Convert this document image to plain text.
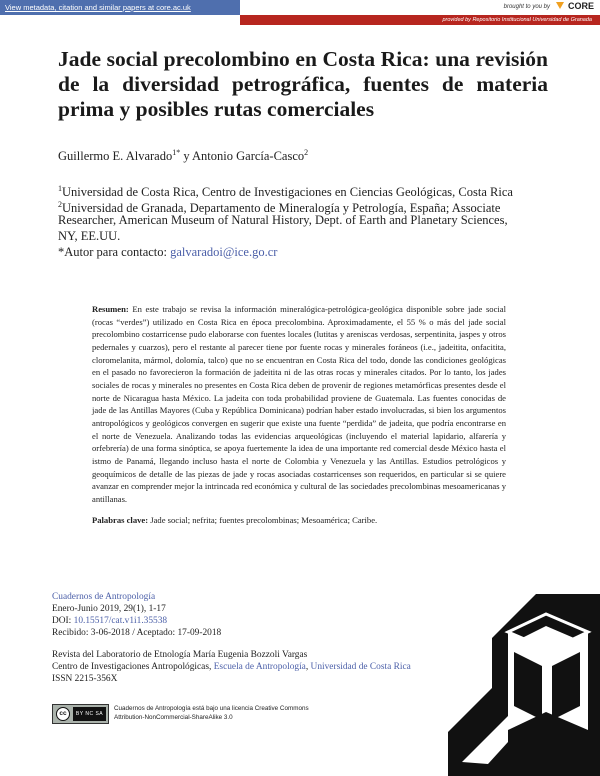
View metadata, citation and similar papers at core.ac.uk	brought to you by	CORE
provided by Repositorio Institucional Universidad de Granada
Jade social precolombino en Costa Rica: una revisión de la diversidad petrográfica, fuentes de materia prima y posibles rutas comerciales
Guillermo E. Alvarado$^{1*}$ y Antonio García-Casco$^2$
$^1$Universidad de Costa Rica, Centro de Investigaciones en Ciencias Geológicas, Costa Rica
$^2$Universidad de Granada, Departamento de Mineralogía y Petrología, España; Associate
Researcher, American Museum of Natural History, Dept. of Earth and Planetary Sciences,
NY, EE.UU.
*Autor para contacto: galvaradoi@ice.go.cr
Resumen: En este trabajo se revisa la información mineralógica-petrológica-geológica disponible sobre jade social (rocas “verdes”) utilizado en Costa Rica en época precolombina. Aproximadamente, el 55 % o más del jade social precolombino costarricense pudo elaborarse con fuentes locales (lutitas y areniscas verdosas, serpentinita, jaspes y otros pedernales y cuarzos), pero el restante al parecer tiene por fuente rocas y minerales foráneos (i.e., jadeitita, onfacitita, cloromelanita, mármol, dolomía, talco) que no se encuentran en Costa Rica del todo, donde las condiciones geológicas en el pasado no favorecieron la formación de jadeitita ni de las otras rocas y minerales citados. Por lo tanto, los jades sociales de rocas y minerales no presentes en Costa Rica deben de provenir de regiones metamórficas presentes desde el norte de Nicaragua hasta México. La jadeita con toda probabilidad proviene de Guatemala. Las fuentes conocidas de jade de las Antillas Mayores (Cuba y República Dominicana) podrían haber estado involucradas, si bien los argumentos antropológicos y geológicos convergen en sugerir que existe una fuente “perdida” de jadeita, que podría encontrarse en el norte de Venezuela. Analizando todas las evidencias arqueológicas (incluyendo el material lapidario, alfarería y orfebrería) de una forma sinóptica, se apoya fuertemente la idea de una importante red comercial desde México hasta el istmo de Panamá, llegando incluso hasta el norte de Colombia y Venezuela y las Antillas. Estudios petrológicos y geoquímicos de detalle de las piezas de jade y rocas asociadas costarricenses son requeridos, en particular si se quiere avanzar en comprender mejor la intrincada red económica y cultural de las sociedades precolombinas mesoamericanas y antillanas.
Palabras clave: Jade social; nefrita; fuentes precolombinas; Mesoamérica; Caribe.
Cuadernos de Antropología
Enero-Junio 2019, 29(1), 1-17
DOI: 10.15517/cat.v1i1.35538
Recibido: 3-06-2018 / Aceptado: 17-09-2018
Revista del Laboratorio de Etnología María Eugenia Bozzoli Vargas
Centro de Investigaciones Antropológicas, Escuela de Antropología, Universidad de Costa Rica
ISSN 2215-356X
cc	BY NC SA
Cuadernos de Antropología está bajo una licencia Creative Commons
Attribution-NonCommercial-ShareAlike 3.0
